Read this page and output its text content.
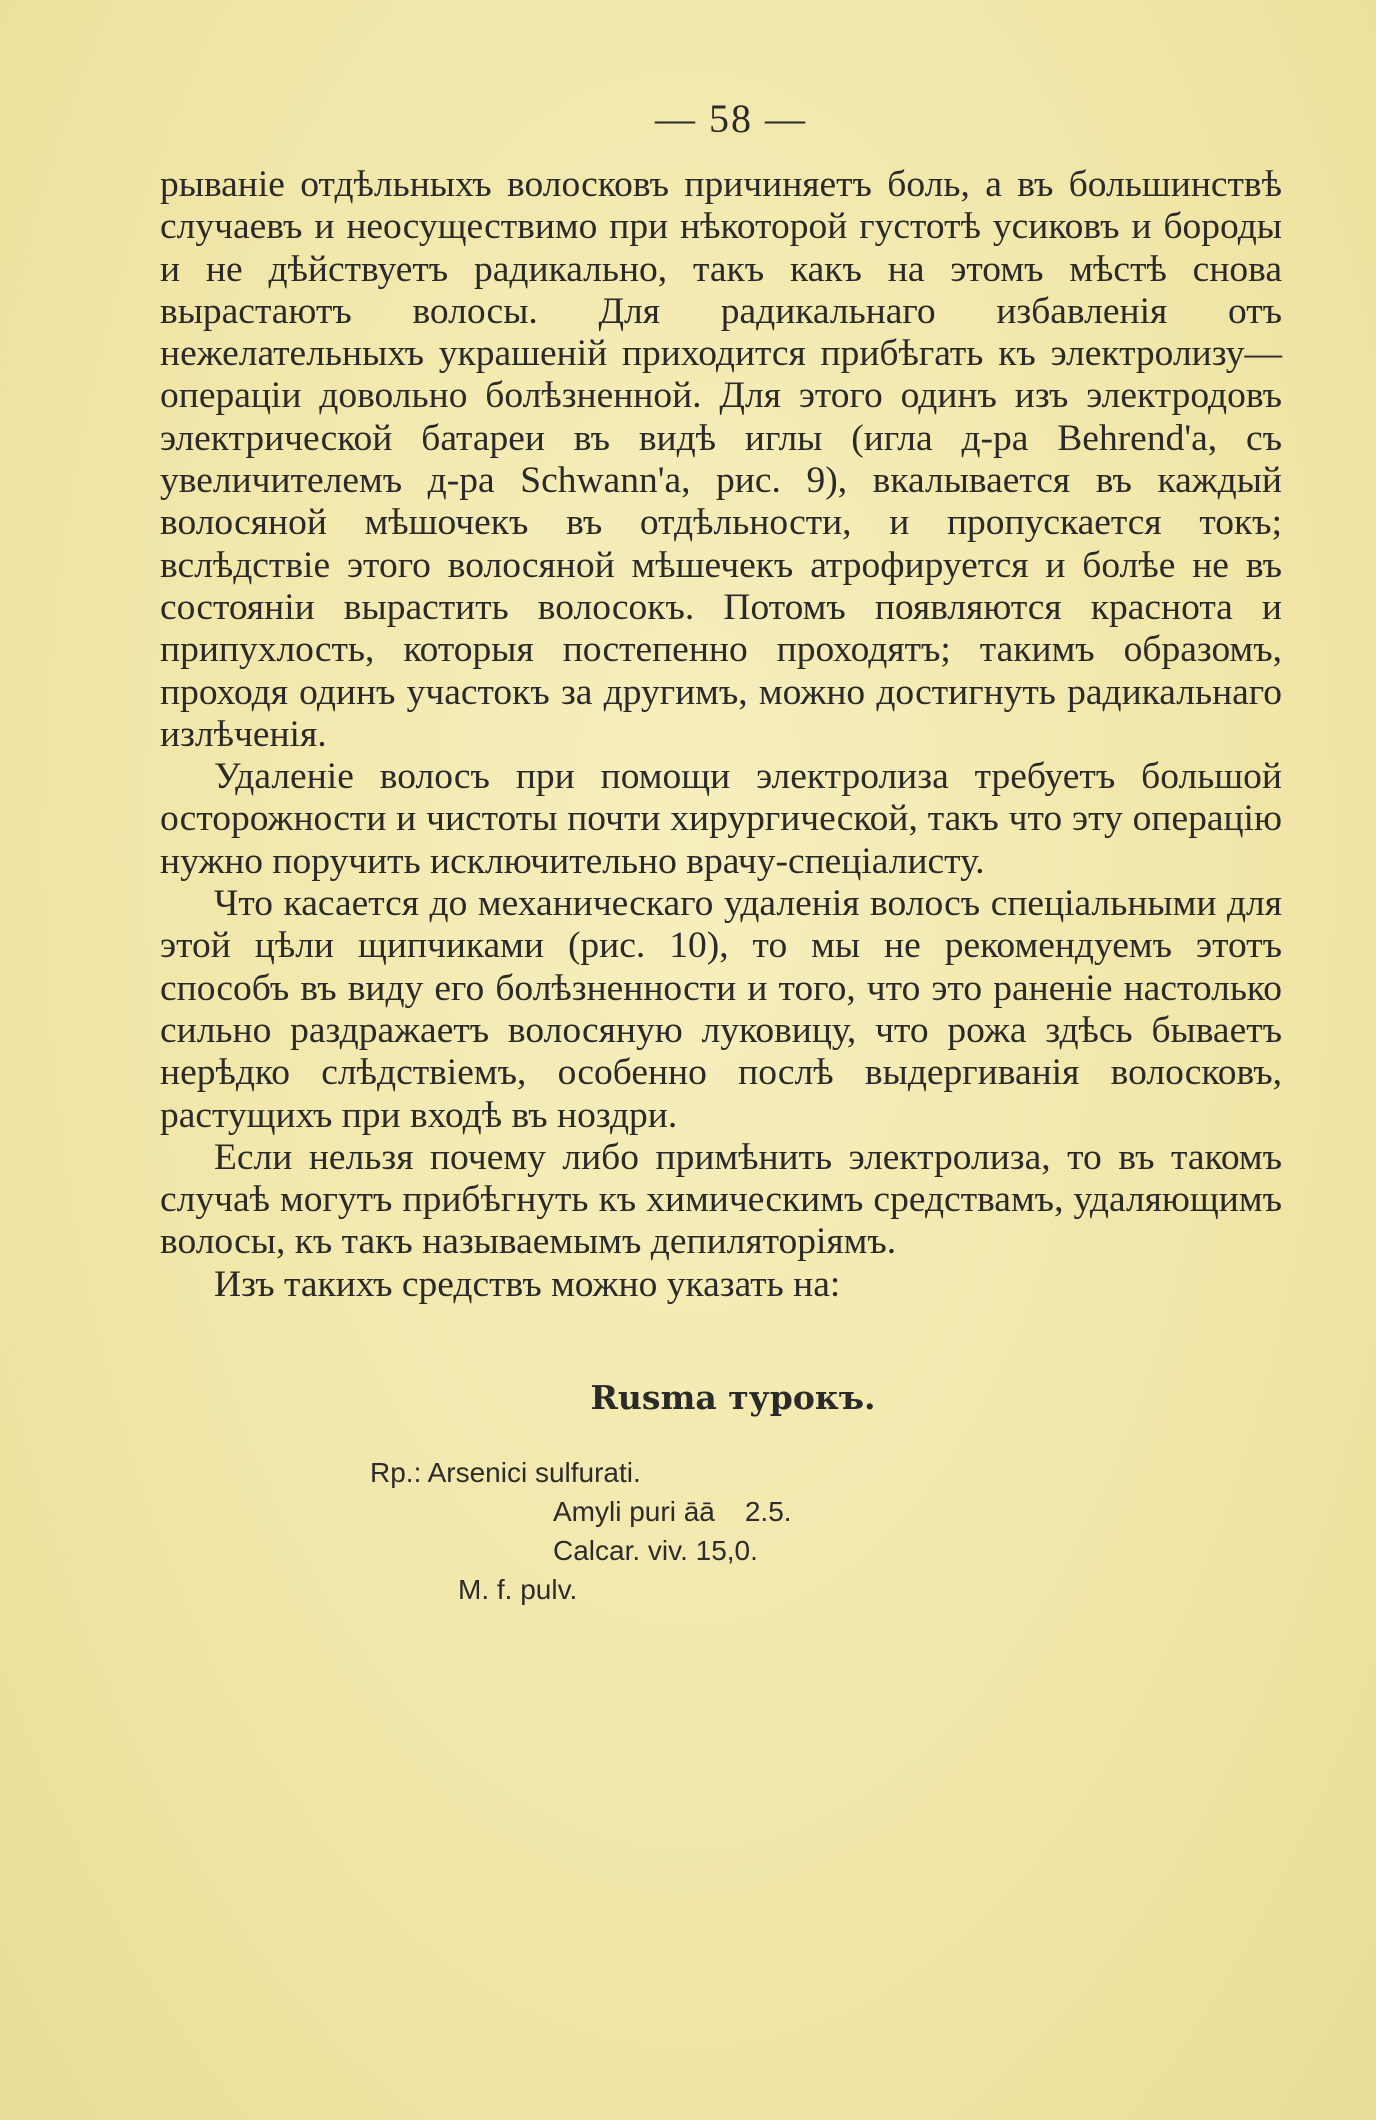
— 58 —

рыванiе отдѣльныхъ волосковъ причиняетъ боль, а въ большинствѣ случаевъ и неосуществимо при нѣкоторой густотѣ усиковъ и бороды и не дѣйствуетъ радикально, такъ какъ на этомъ мѣстѣ снова вырастаютъ волосы. Для радикальнаго избавленiя отъ нежелательныхъ украшенiй приходится прибѣгать къ электролизу—операцiи довольно болѣзненной. Для этого одинъ изъ электродовъ электрической батареи въ видѣ иглы (игла д-ра Behrend'а, съ увеличителемъ д-ра Schwann'a, рис. 9), вкалывается въ каждый волосяной мѣшочекъ въ отдѣльности, и пропускается токъ; вслѣдствiе этого волосяной мѣшечекъ атрофируется и болѣе не въ состоянiи вырастить волосокъ. Потомъ появляются краснота и припухлость, которыя постепенно проходятъ; такимъ образомъ, проходя одинъ участокъ за другимъ, можно достигнуть радикальнаго излѣченiя.

Удаленiе волосъ при помощи электролиза требуетъ большой осторожности и чистоты почти хирургической, такъ что эту операцiю нужно поручить исключительно врачу-спецiалисту.

Что касается до механическаго удаленiя волосъ спецiальными для этой цѣли щипчиками (рис. 10), то мы не рекомендуемъ этотъ способъ въ виду его болѣзненности и того, что это раненiе настолько сильно раздражаетъ волосяную луковицу, что рожа здѣсь бываетъ нерѣдко слѣдствiемъ, особенно послѣ выдергиванiя волосковъ, растущихъ при входѣ въ ноздри.

Если нельзя почему либо примѣнить электролиза, то въ такомъ случаѣ могутъ прибѣгнуть къ химическимъ средствамъ, удаляющимъ волосы, къ такъ называемымъ депиляторiямъ.

Изъ такихъ средствъ можно указать на:

Rusma турокъ.
Rp.: Arsenici sulfurati.
Amyli puri āā 2.5.
Calcar. viv. 15,0.
M. f. pulv.
